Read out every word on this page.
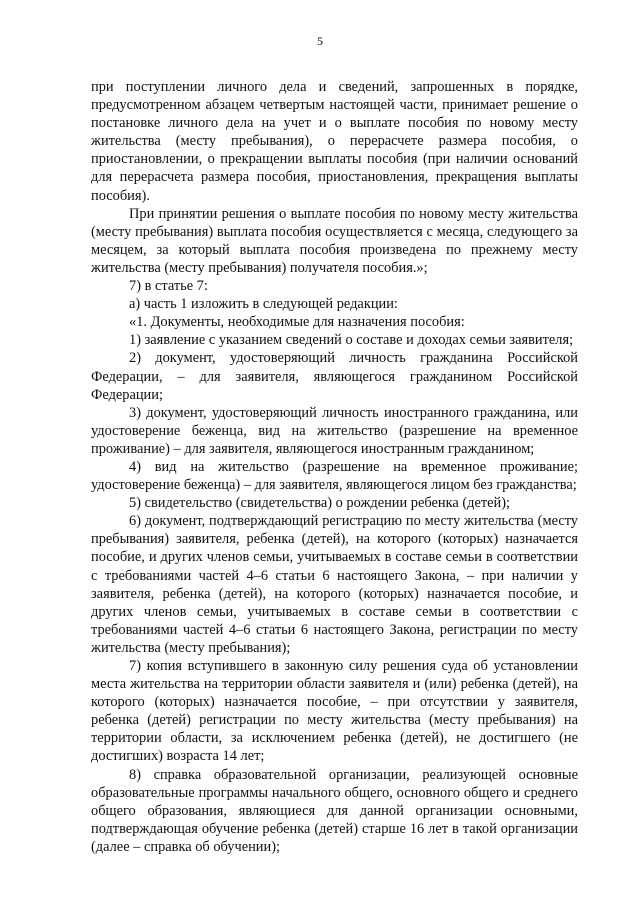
5

при поступлении личного дела и сведений, запрошенных в порядке, предусмотренном абзацем четвертым настоящей части, принимает решение о постановке личного дела на учет и о выплате пособия по новому месту жительства (месту пребывания), о перерасчете размера пособия, о приостановлении, о прекращении выплаты пособия (при наличии оснований для перерасчета размера пособия, приостановления, прекращения выплаты пособия).

При принятии решения о выплате пособия по новому месту жительства (месту пребывания) выплата пособия осуществляется с месяца, следующего за месяцем, за который выплата пособия произведена по прежнему месту жительства (месту пребывания) получателя пособия.»;

7) в статье 7:

а) часть 1 изложить в следующей редакции:

«1. Документы, необходимые для назначения пособия:

1) заявление с указанием сведений о составе и доходах семьи заявителя;

2) документ, удостоверяющий личность гражданина Российской Федерации, – для заявителя, являющегося гражданином Российской Федерации;

3) документ, удостоверяющий личность иностранного гражданина, или удостоверение беженца, вид на жительство (разрешение на временное проживание) – для заявителя, являющегося иностранным гражданином;

4) вид на жительство (разрешение на временное проживание; удостоверение беженца) – для заявителя, являющегося лицом без гражданства;

5) свидетельство (свидетельства) о рождении ребенка (детей);

6) документ, подтверждающий регистрацию по месту жительства (месту пребывания) заявителя, ребенка (детей), на которого (которых) назначается пособие, и других членов семьи, учитываемых в составе семьи в соответствии с требованиями частей 4–6 статьи 6 настоящего Закона, – при наличии у заявителя, ребенка (детей), на которого (которых) назначается пособие, и других членов семьи, учитываемых в составе семьи в соответствии с требованиями частей 4–6 статьи 6 настоящего Закона, регистрации по месту жительства (месту пребывания);

7) копия вступившего в законную силу решения суда об установлении места жительства на территории области заявителя и (или) ребенка (детей), на которого (которых) назначается пособие, – при отсутствии у заявителя, ребенка (детей) регистрации по месту жительства (месту пребывания) на территории области, за исключением ребенка (детей), не достигшего (не достигших) возраста 14 лет;

8) справка образовательной организации, реализующей основные образовательные программы начального общего, основного общего и среднего общего образования, являющиеся для данной организации основными, подтверждающая обучение ребенка (детей) старше 16 лет в такой организации (далее – справка об обучении);
